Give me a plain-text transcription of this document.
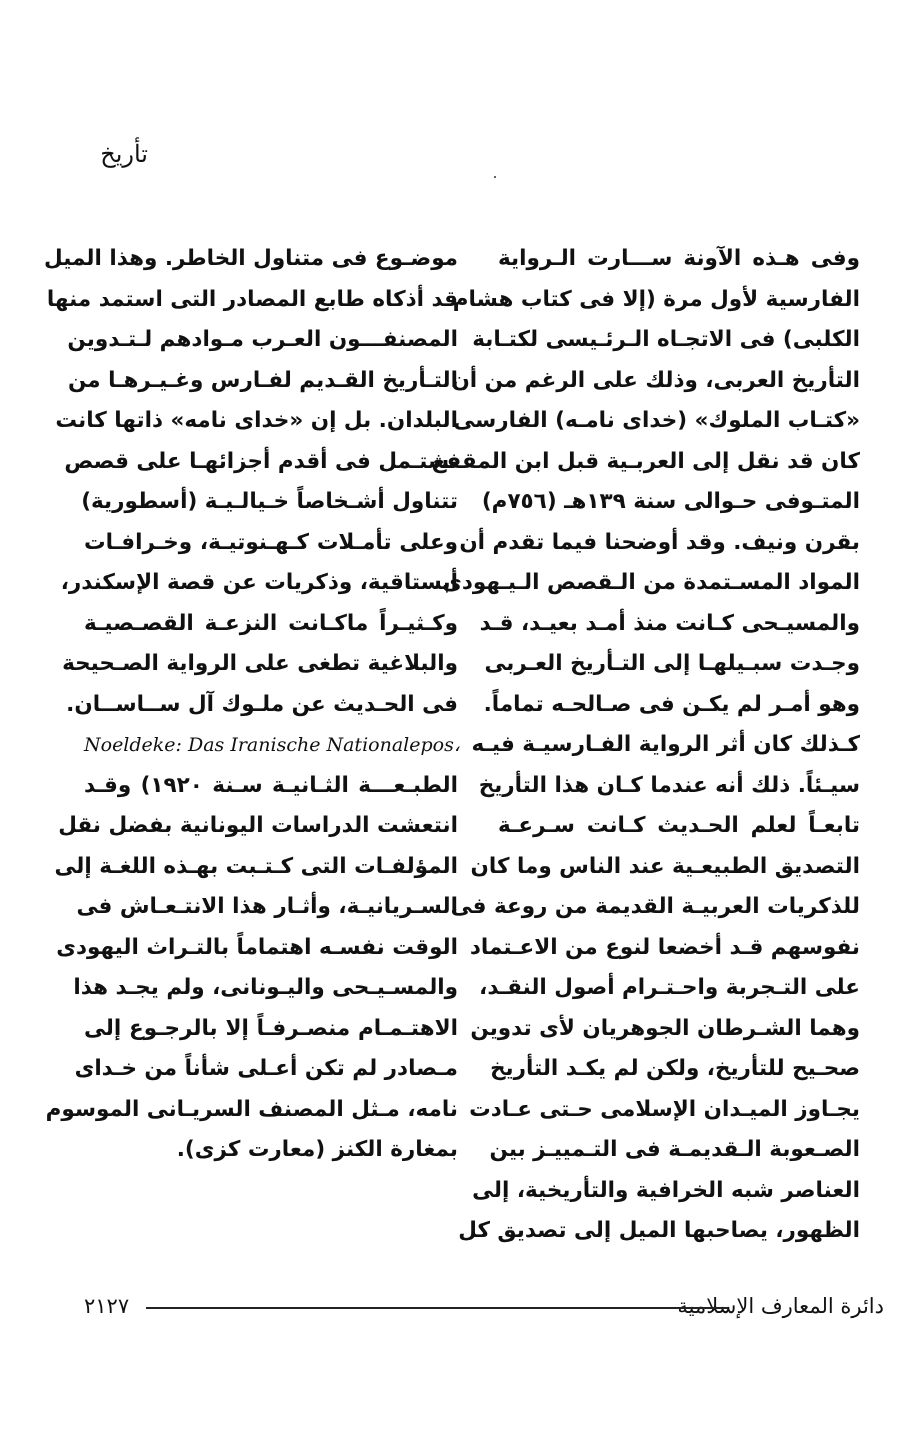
تأريخ
وفى هـذه الآونة ســـارت الـرواية
الفارسية لأول مرة (إلا فى كتاب هشام
الكلبى) فى الاتجـاه الـرئـيسى لكتـابة
التأريخ العربى، وذلك على الرغم من أن
«كتـاب الملوك» (خداى نامـه) الفارسى
كان قد نقل إلى العربـية قبل ابن المقفع
المتـوفى حـوالى سنة ١٣٩هـ (٧٥٦م)
بقرن ونيف. وقد أوضحنا فيما تقدم أن
المواد المسـتمدة من الـقصص الـيـهودى
والمسيـحى كـانت منذ أمـد بعيـد، قـد
وجـدت سبـيلهـا إلى التـأريخ العـربى
وهو أمـر لم يكـن فى صـالحـه تماماً.
كـذلك كان أثر الرواية الفـارسيـة فيـه
سيـئاً. ذلك أنه عندما كـان هذا التأريخ
تابعـاً لعلم الحـديث كـانت سـرعـة
التصديق الطبيعـية عند الناس وما كان
للذكريات العربيـة القديمة من روعة فى
نفوسهم قـد أخضعا لنوع من الاعـتماد
على التـجربة واحـتـرام أصول النقـد،
وهما الشـرطان الجوهريان لأى تدوين
صحـيح للتأريخ، ولكن لم يكـد التأريخ
يجـاوز الميـدان الإسلامى حـتى عـادت
الصـعوبة الـقديمـة فى التـمييـز بين
العناصر شبه الخرافية والتأريخية، إلى
الظهور، يصاحبها الميل إلى تصديق كل
موضـوع فى متناول الخاطر. وهذا الميل
قد أذكاه طابع المصادر التى استمد منها
المصنفـــون العـرب مـوادهم لـتـدوين
التـأريخ القـديم لفـارس وغـيـرهـا من
البلدان. بل إن «خداى نامه» ذاتها كانت
تشتـمل فى أقدم أجزائهـا على قصص
تتناول أشـخاصاً خـيالـيـة (أسطورية)
وعلى تأمـلات كـهـنوتيـة، وخـرافـات
أبستاقية، وذكريات عن قصة الإسكندر،
وكـثيـراً ماكـانت النزعـة القصـصيـة
والبلاغية تطغى على الرواية الصـحيحة
فى الحـديث عن ملـوك آل ســاســان.
Noeldeke: Das Iranische Nationalepos،
الطبـعـــة الثـانيـة سـنة ١٩٢٠) وقـد
انتعشت الدراسات اليونانية بفضل نقل
المؤلفـات التى كـتـبت بهـذه اللغـة إلى
السـريانيـة، وأثـار هذا الانتـعـاش فى
الوقت نفسـه اهتماماً بالتـراث اليهودى
والمسـيـحى واليـونانى، ولم يجـد هذا
الاهتـمـام منصـرفـاً إلا بالرجـوع إلى
مـصادر لم تكن أعـلى شأناً من خـداى
نامه، مـثل المصنف السريـانى الموسوم
بمغارة الكنز (معارت كزى).
دائرة المعارف الإسلامية
٢١٢٧
